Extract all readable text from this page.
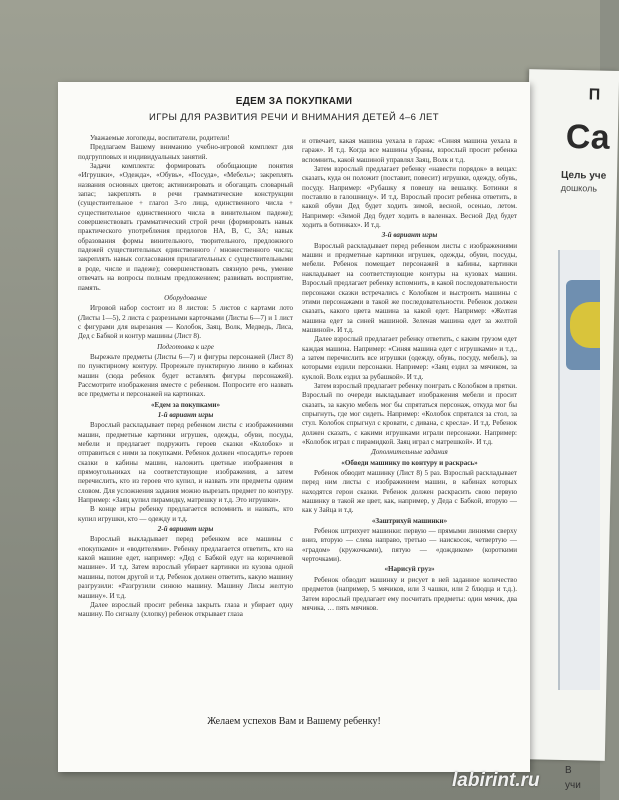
П
Са
Цель уче
дошколь
В
учи
ЕДЕМ ЗА ПОКУПКАМИ
ИГРЫ ДЛЯ РАЗВИТИЯ РЕЧИ И ВНИМАНИЯ ДЕТЕЙ 4–6 ЛЕТ

Уважаемые логопеды, воспитатели, родители!

Предлагаем Вашему вниманию учебно-игровой комплект для подгрупповых и индивидуальных занятий.

Задачи комплекта: формировать обобщающие понятия «Игрушки», «Одежда», «Обувь», «Посуда», «Мебель»; закреплять названия основных цветов; активизировать и обогащать словарный запас; закреплять в речи грамматические конструкции (существительное + глагол 3-го лица, единственного числа + существительное единственного числа в винительном падеже); совершенствовать грамматический строй речи (формировать навык практического употребления предлогов НА, В, С, ЗА; навык образования формы винительного, творительного, предложного падежей существительных единственного / множественного числа; закреплять навык согласования прилагательных с существительными в роде, числе и падеже); совершенствовать связную речь, умение отвечать на вопросы полным предложением; развивать восприятие, память.

Оборудование

Игровой набор состоит из 8 листов: 5 листов с картами лото (Листы 1—5), 2 листа с разрезными карточками (Листы 6—7) и 1 лист с фигурами для вырезания — Колобок, Заяц, Волк, Медведь, Лиса, Дед с Бабкой и контур машины (Лист 8).

Подготовка к игре

Вырежьте предметы (Листы 6—7) и фигуры персонажей (Лист 8) по пунктирному контуру. Прорежьте пунктирную линию в кабинах машин (сюда ребенок будет вставлять фигуры персонажей). Рассмотрите изображения вместе с ребенком. Попросите его назвать все предметы и персонажей на картинках.

«Едем за покупками»

1-й вариант игры

Взрослый раскладывает перед ребенком листы с изображениями машин, предметные картинки игрушек, одежды, обуви, посуды, мебели и предлагает подружить героев сказки «Колобок» и отправиться с ними за покупками. Ребенок должен «посадить» героев сказки в кабины машин, наложить цветные изображения в прямоугольниках на соответствующие изображения, а затем перечислить, кто из героев что купил, и назвать эти предметы одним словом. Для усложнения задания можно вырезать предмет по контуру. Например: «Заяц купил пирамидку, матрешку и т.д. Это игрушки».

В конце игры ребенку предлагается вспомнить и назвать, кто купил игрушки, кто — одежду и т.д.

2-й вариант игры

Взрослый выкладывает перед ребенком все машины с «покупками» и «водителями». Ребенку предлагается ответить, кто на какой машине едет, например: «Дед с Бабкой едут на коричневой машине». И т.д. Затем взрослый убирает картинки из кузова одной машины, потом другой и т.д. Ребенок должен ответить, какую машину разгрузили: «Разгрузили синюю машину. Машину Лисы желтую машину». И т.д.

Далее взрослый просит ребенка закрыть глаза и убирает одну машину. По сигналу (хлопку) ребенок открывает глаза

и отвечает, какая машина уехала в гараж: «Синяя машина уехала в гараж». И т.д. Когда все машины убраны, взрослый просит ребенка вспомнить, какой машиной управлял Заяц, Волк и т.д.

Затем взрослый предлагает ребенку «навести порядок» в вещах: сказать, куда он положит (поставит, повесит) игрушки, одежду, обувь, посуду. Например: «Рубашку я повешу на вешалку. Ботинки я поставлю в галошницу». И т.д. Взрослый просит ребенка ответить, в какой обуви Дед будет ходить зимой, весной, осенью, летом. Например: «Зимой Дед будет ходить в валенках. Весной Дед будет ходить в ботинках». И т.д.

3-й вариант игры

Взрослый раскладывает перед ребенком листы с изображениями машин и предметные картинки игрушек, одежды, обуви, посуды, мебели. Ребенок помещает персонажей в кабины, картинки накладывает на соответствующие контуры на кузовах машин. Взрослый предлагает ребенку вспомнить, в какой последовательности персонажи сказки встречались с Колобком и выстроить машины с этими персонажами в такой же последовательности. Ребенок должен сказать, какого цвета машина за какой едет. Например: «Желтая машина едет за синей машиной. Зеленая машина едет за желтой машиной». И т.д.

Далее взрослый предлагает ребенку ответить, с каким грузом едет каждая машина. Например: «Синяя машина едет с игрушками» и т.д., а затем перечислить все игрушки (одежду, обувь, посуду, мебель), за которыми ездили персонажи. Например: «Заяц ездил за мячиком, за куклой. Волк ездил за рубашкой». И т.д.

Затем взрослый предлагает ребенку поиграть с Колобком в прятки. Взрослый по очереди выкладывает изображения мебели и просит сказать, за какую мебель мог бы спрятаться персонаж, откуда мог бы спрыгнуть, где мог сидеть. Например: «Колобок спрятался за стол, за стул. Колобок спрыгнул с кровати, с дивана, с кресла». И т.д. Ребенок должен сказать, с какими игрушками играли персонажи. Например: «Колобок играл с пирамидкой. Заяц играл с матрешкой». И т.д.

Дополнительные задания

«Обведи машинку по контуру и раскрась»

Ребенок обводит машинку (Лист 8) 5 раз. Взрослый раскладывает перед ним листы с изображением машин, в кабинах которых находятся герои сказки. Ребенок должен раскрасить свою первую машинку в такой же цвет, как, например, у Деда с Бабкой, вторую — как у Зайца и т.д.

«Заштрихуй машинки»

Ребенок штрихует машинки: первую — прямыми линиями сверху вниз, вторую — слева направо, третью — наискосок, четвертую — «градом» (кружочками), пятую — «дождиком» (короткими черточками).

«Нарисуй груз»

Ребенок обводит машинку и рисует в ней заданное количество предметов (например, 5 мячиков, или 3 чашки, или 2 блюдца и т.д.). Затем взрослый предлагает ему посчитать предметы: один мячик, два мячика, … пять мячиков.

Желаем успехов Вам и Вашему ребенку!
labirint.ru
